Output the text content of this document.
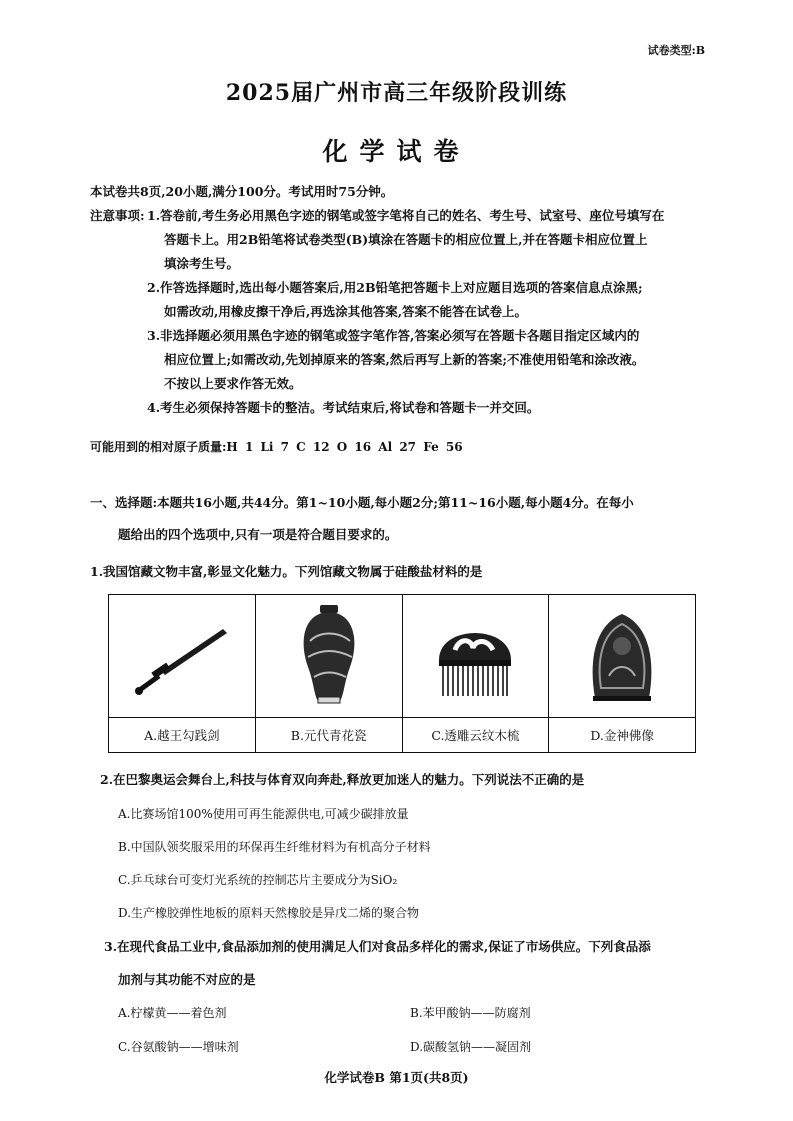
试卷类型:B
2025届广州市高三年级阶段训练
化学试卷
本试卷共8页,20小题,满分100分。考试用时75分钟。
注意事项: 1.答卷前,考生务必用黑色字迹的钢笔或签字笔将自己的姓名、考生号、试室号、座位号填写在
答题卡上。用2B铅笔将试卷类型(B)填涂在答题卡的相应位置上,并在答题卡相应位置上
填涂考生号。
2.作答选择题时,选出每小题答案后,用2B铅笔把答题卡上对应题目选项的答案信息点涂黑;
如需改动,用橡皮擦干净后,再选涂其他答案,答案不能答在试卷上。
3.非选择题必须用黑色字迹的钢笔或签字笔作答,答案必须写在答题卡各题目指定区域内的
相应位置上;如需改动,先划掉原来的答案,然后再写上新的答案;不准使用铅笔和涂改液。
不按以上要求作答无效。
4.考生必须保持答题卡的整洁。考试结束后,将试卷和答题卡一并交回。
可能用到的相对原子质量:H 1 Li 7 C 12 O 16 Al 27 Fe 56
一、选择题:本题共16小题,共44分。第1~10小题,每小题2分;第11~16小题,每小题4分。在每小
题给出的四个选项中,只有一项是符合题目要求的。
1.我国馆藏文物丰富,彰显文化魅力。下列馆藏文物属于硅酸盐材料的是

A.越王勾践剑	B.元代青花瓷	C.透雕云纹木梳	D.金神佛像
2.在巴黎奥运会舞台上,科技与体育双向奔赴,释放更加迷人的魅力。下列说法不正确的是
A.比赛场馆100%使用可再生能源供电,可减少碳排放量
B.中国队领奖服采用的环保再生纤维材料为有机高分子材料
C.乒乓球台可变灯光系统的控制芯片主要成分为SiO₂
D.生产橡胶弹性地板的原料天然橡胶是异戊二烯的聚合物
3.在现代食品工业中,食品添加剂的使用满足人们对食品多样化的需求,保证了市场供应。下列食品添
加剂与其功能不对应的是
A.柠檬黄——着色剂	B.苯甲酸钠——防腐剂
C.谷氨酸钠——增味剂	D.碳酸氢钠——凝固剂
化学试卷B 第1页(共8页)
